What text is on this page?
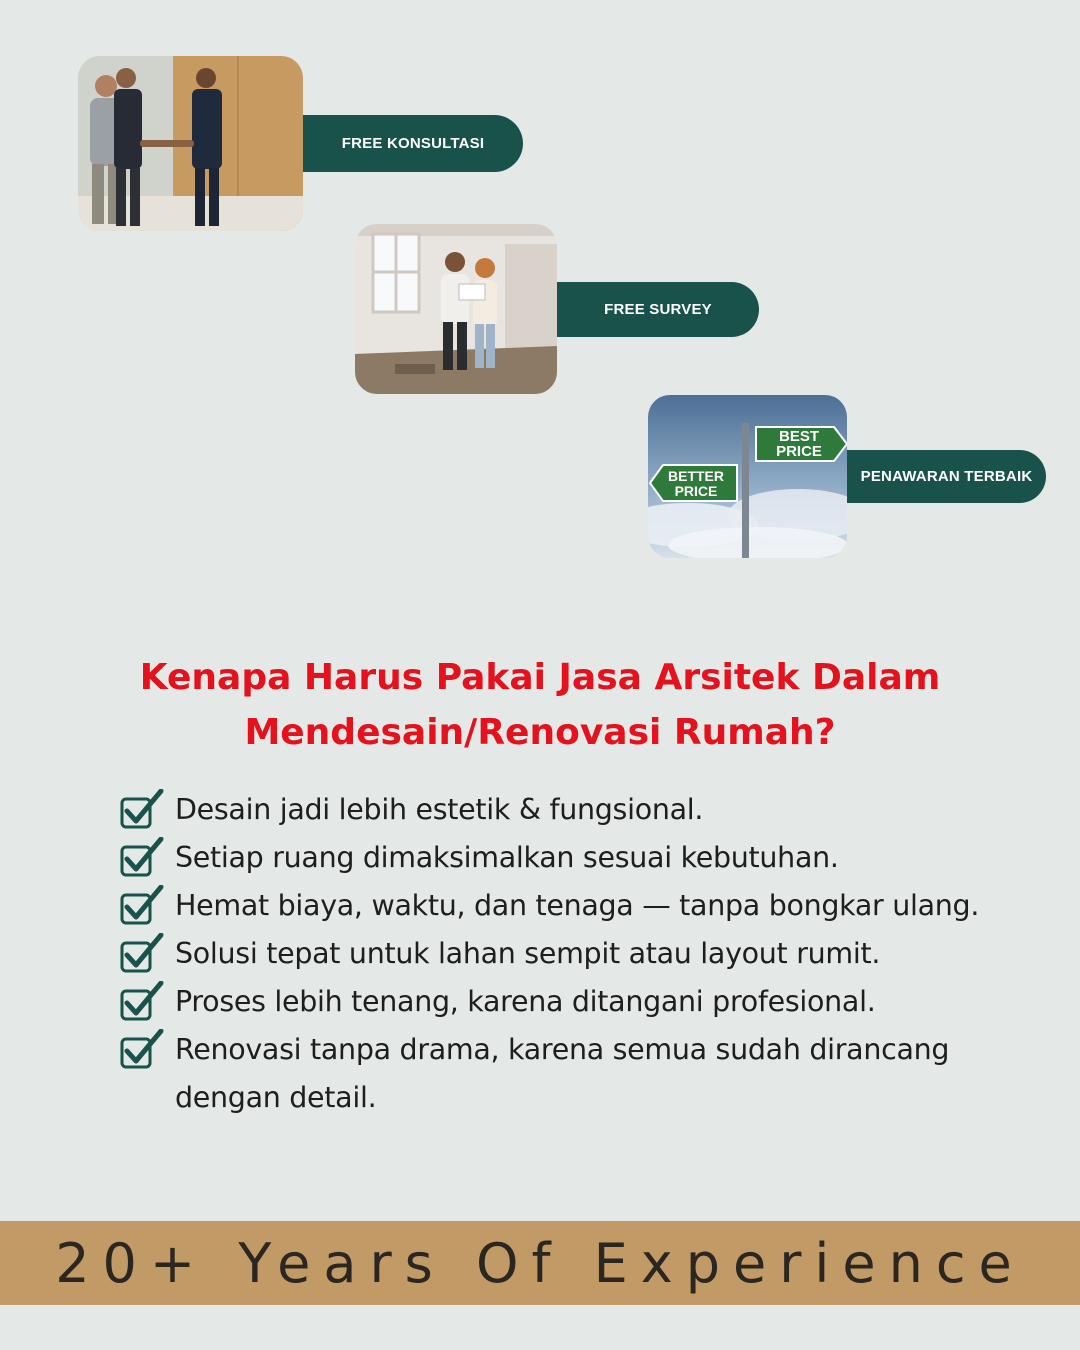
FREE KONSULTASI
FREE SURVEY
BEST
PRICE
BETTER
PRICE
PENAWARAN TERBAIK
Kenapa Harus Pakai Jasa Arsitek Dalam
Mendesain/Renovasi Rumah?
Desain jadi lebih estetik & fungsional.
Setiap ruang dimaksimalkan sesuai kebutuhan.
Hemat biaya, waktu, dan tenaga — tanpa bongkar ulang.
Solusi tepat untuk lahan sempit atau layout rumit.
Proses lebih tenang, karena ditangani profesional.
Renovasi tanpa drama, karena semua sudah dirancang dengan detail.
20+ Years Of Experience
